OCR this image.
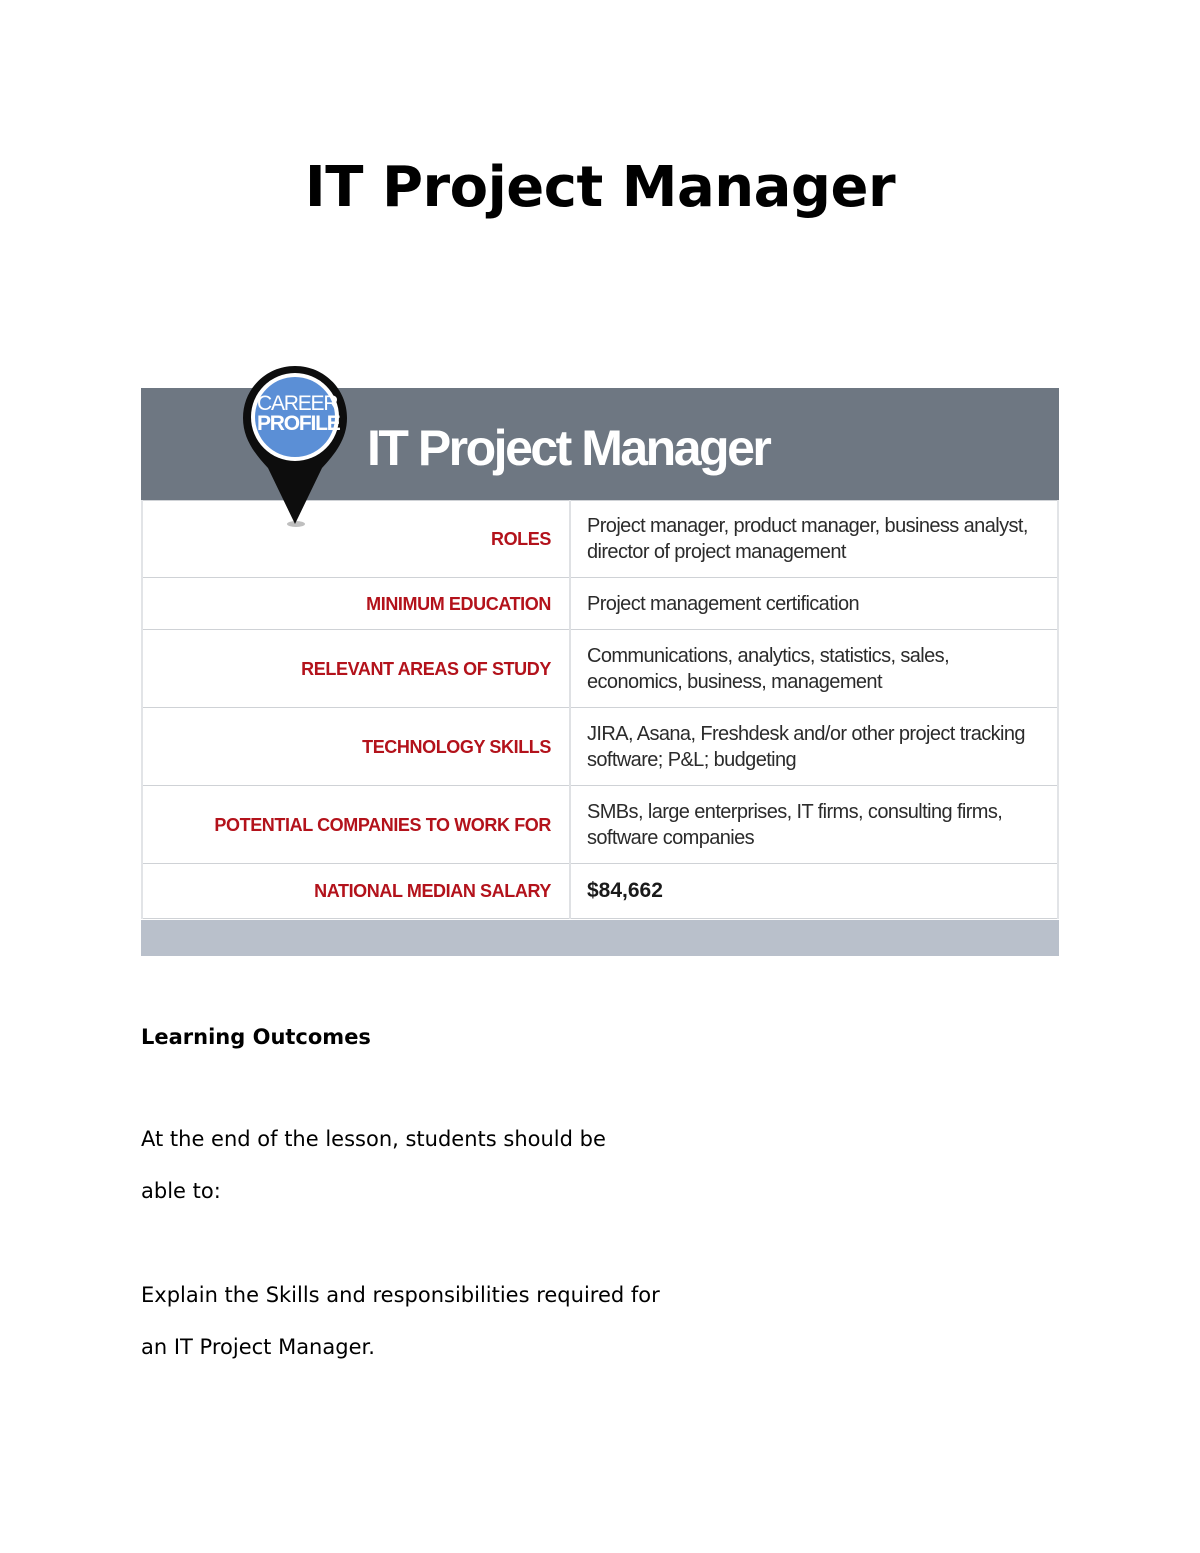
IT Project Manager
IT Project Manager
ROLES	Project manager, product manager, business analyst, director of project management
MINIMUM EDUCATION	Project management certification
RELEVANT AREAS OF STUDY	Communications, analytics, statistics, sales, economics, business, management
TECHNOLOGY SKILLS	JIRA, Asana, Freshdesk and/or other project tracking software; P&L; budgeting
POTENTIAL COMPANIES TO WORK FOR	SMBs, large enterprises, IT firms, consulting firms, software companies
NATIONAL MEDIAN SALARY	$84,662
CAREER
PROFILE
Learning Outcomes
At the end of the lesson, students should be
able to:
Explain the Skills and responsibilities required for
an IT Project Manager.
